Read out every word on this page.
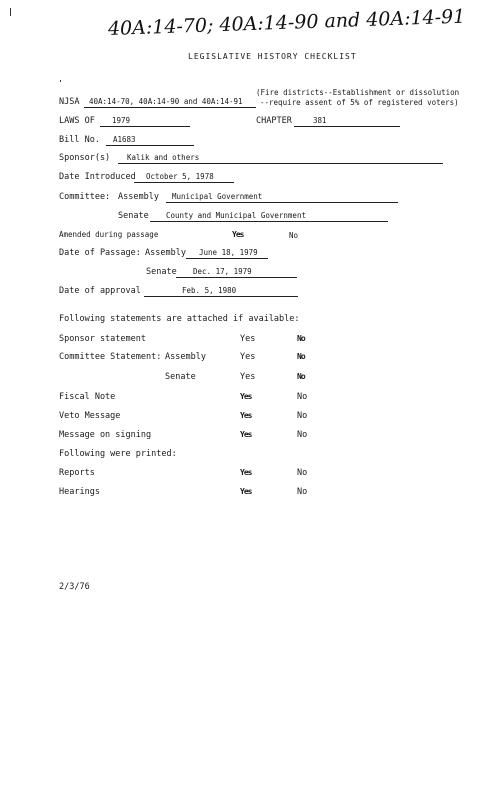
40A:14-70; 40A:14-90 and 40A:14-91
LEGISLATIVE HISTORY CHECKLIST
(Fire districts--Establishment or dissolution
--require assent of 5% of registered voters)
NJSA 40A:14-70, 40A:14-90 and 40A:14-91
LAWS OF 1979	CHAPTER	381
Bill No. A1683
Sponsor(s) Kalik and others
Date Introduced October 5, 1978
Committee: Assembly Municipal Government
Senate County and Municipal Government
Amended during passage	Yes	No
Date of Passage: Assembly June 18, 1979
Senate Dec. 17, 1979
Date of approval	Feb. 5, 1980
Following statements are attached if available:
Sponsor statement	Yes	No
Committee Statement: Assembly	Yes	No
Senate	Yes	No
Fiscal Note	Yes	No
Veto Message	Yes	No
Message on signing	Yes	No
Following were printed:
Reports	Yes	No
Hearings	Yes	No
2/3/76
